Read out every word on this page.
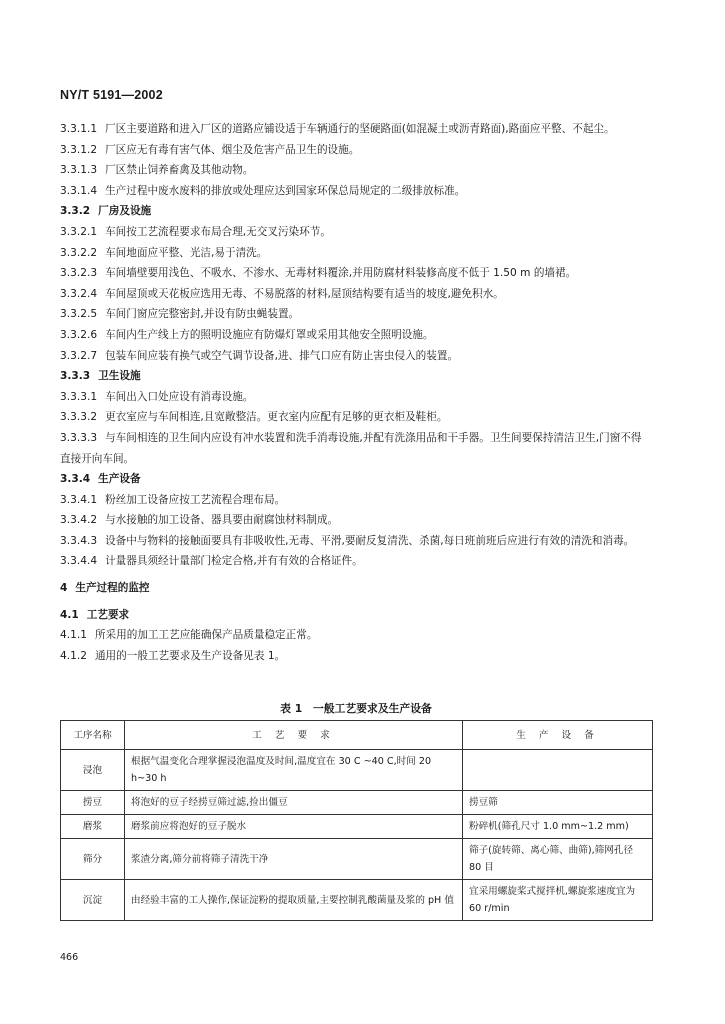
NY/T 5191—2002
3.3.1.1 厂区主要道路和进入厂区的道路应铺设适于车辆通行的坚硬路面(如混凝土或沥青路面),路面应平整、不起尘。
3.3.1.2 厂区应无有毒有害气体、烟尘及危害产品卫生的设施。
3.3.1.3 厂区禁止饲养畜禽及其他动物。
3.3.1.4 生产过程中废水废料的排放或处理应达到国家环保总局规定的二级排放标准。
3.3.2 厂房及设施
3.3.2.1 车间按工艺流程要求布局合理,无交叉污染环节。
3.3.2.2 车间地面应平整、光洁,易于清洗。
3.3.2.3 车间墙壁要用浅色、不吸水、不渗水、无毒材料覆涂,并用防腐材料装修高度不低于 1.50 m 的墙裙。
3.3.2.4 车间屋顶或天花板应选用无毒、不易脱落的材料,屋顶结构要有适当的坡度,避免积水。
3.3.2.5 车间门窗应完整密封,并设有防虫蝇装置。
3.3.2.6 车间内生产线上方的照明设施应有防爆灯罩或采用其他安全照明设施。
3.3.2.7 包装车间应装有换气或空气调节设备,进、排气口应有防止害虫侵入的装置。
3.3.3 卫生设施
3.3.3.1 车间出入口处应设有消毒设施。
3.3.3.2 更衣室应与车间相连,且宽敞整洁。更衣室内应配有足够的更衣柜及鞋柜。
3.3.3.3 与车间相连的卫生间内应设有冲水装置和洗手消毒设施,并配有洗涤用品和干手器。卫生间要保持清洁卫生,门窗不得直接开向车间。
3.3.4 生产设备
3.3.4.1 粉丝加工设备应按工艺流程合理布局。
3.3.4.2 与水接触的加工设备、器具要由耐腐蚀材料制成。
3.3.4.3 设备中与物料的接触面要具有非吸收性,无毒、平滑,要耐反复清洗、杀菌,每日班前班后应进行有效的清洗和消毒。
3.3.4.4 计量器具须经计量部门检定合格,并有有效的合格证件。
4 生产过程的监控
4.1 工艺要求
4.1.1 所采用的加工工艺应能确保产品质量稳定正常。
4.1.2 通用的一般工艺要求及生产设备见表 1。
表 1　一般工艺要求及生产设备
工序名称	工 艺 要 求	生 产 设 备
浸泡	根据气温变化合理掌握浸泡温度及时间,温度宜在 30 C ~40 C,时间 20 h~30 h	
捞豆	将泡好的豆子经捞豆筛过滤,捡出僵豆	捞豆筛
磨浆	磨浆前应将泡好的豆子脱水	粉碎机(筛孔尺寸 1.0 mm~1.2 mm)
筛分	浆渣分离,筛分前将筛子清洗干净	筛子(旋转筛、离心筛、曲筛),筛网孔径 80 目
沉淀	由经验丰富的工人操作,保证淀粉的提取质量,主要控制乳酸菌量及浆的 pH 值	宜采用螺旋桨式搅拌机,螺旋浆速度宜为 60 r/min
466
